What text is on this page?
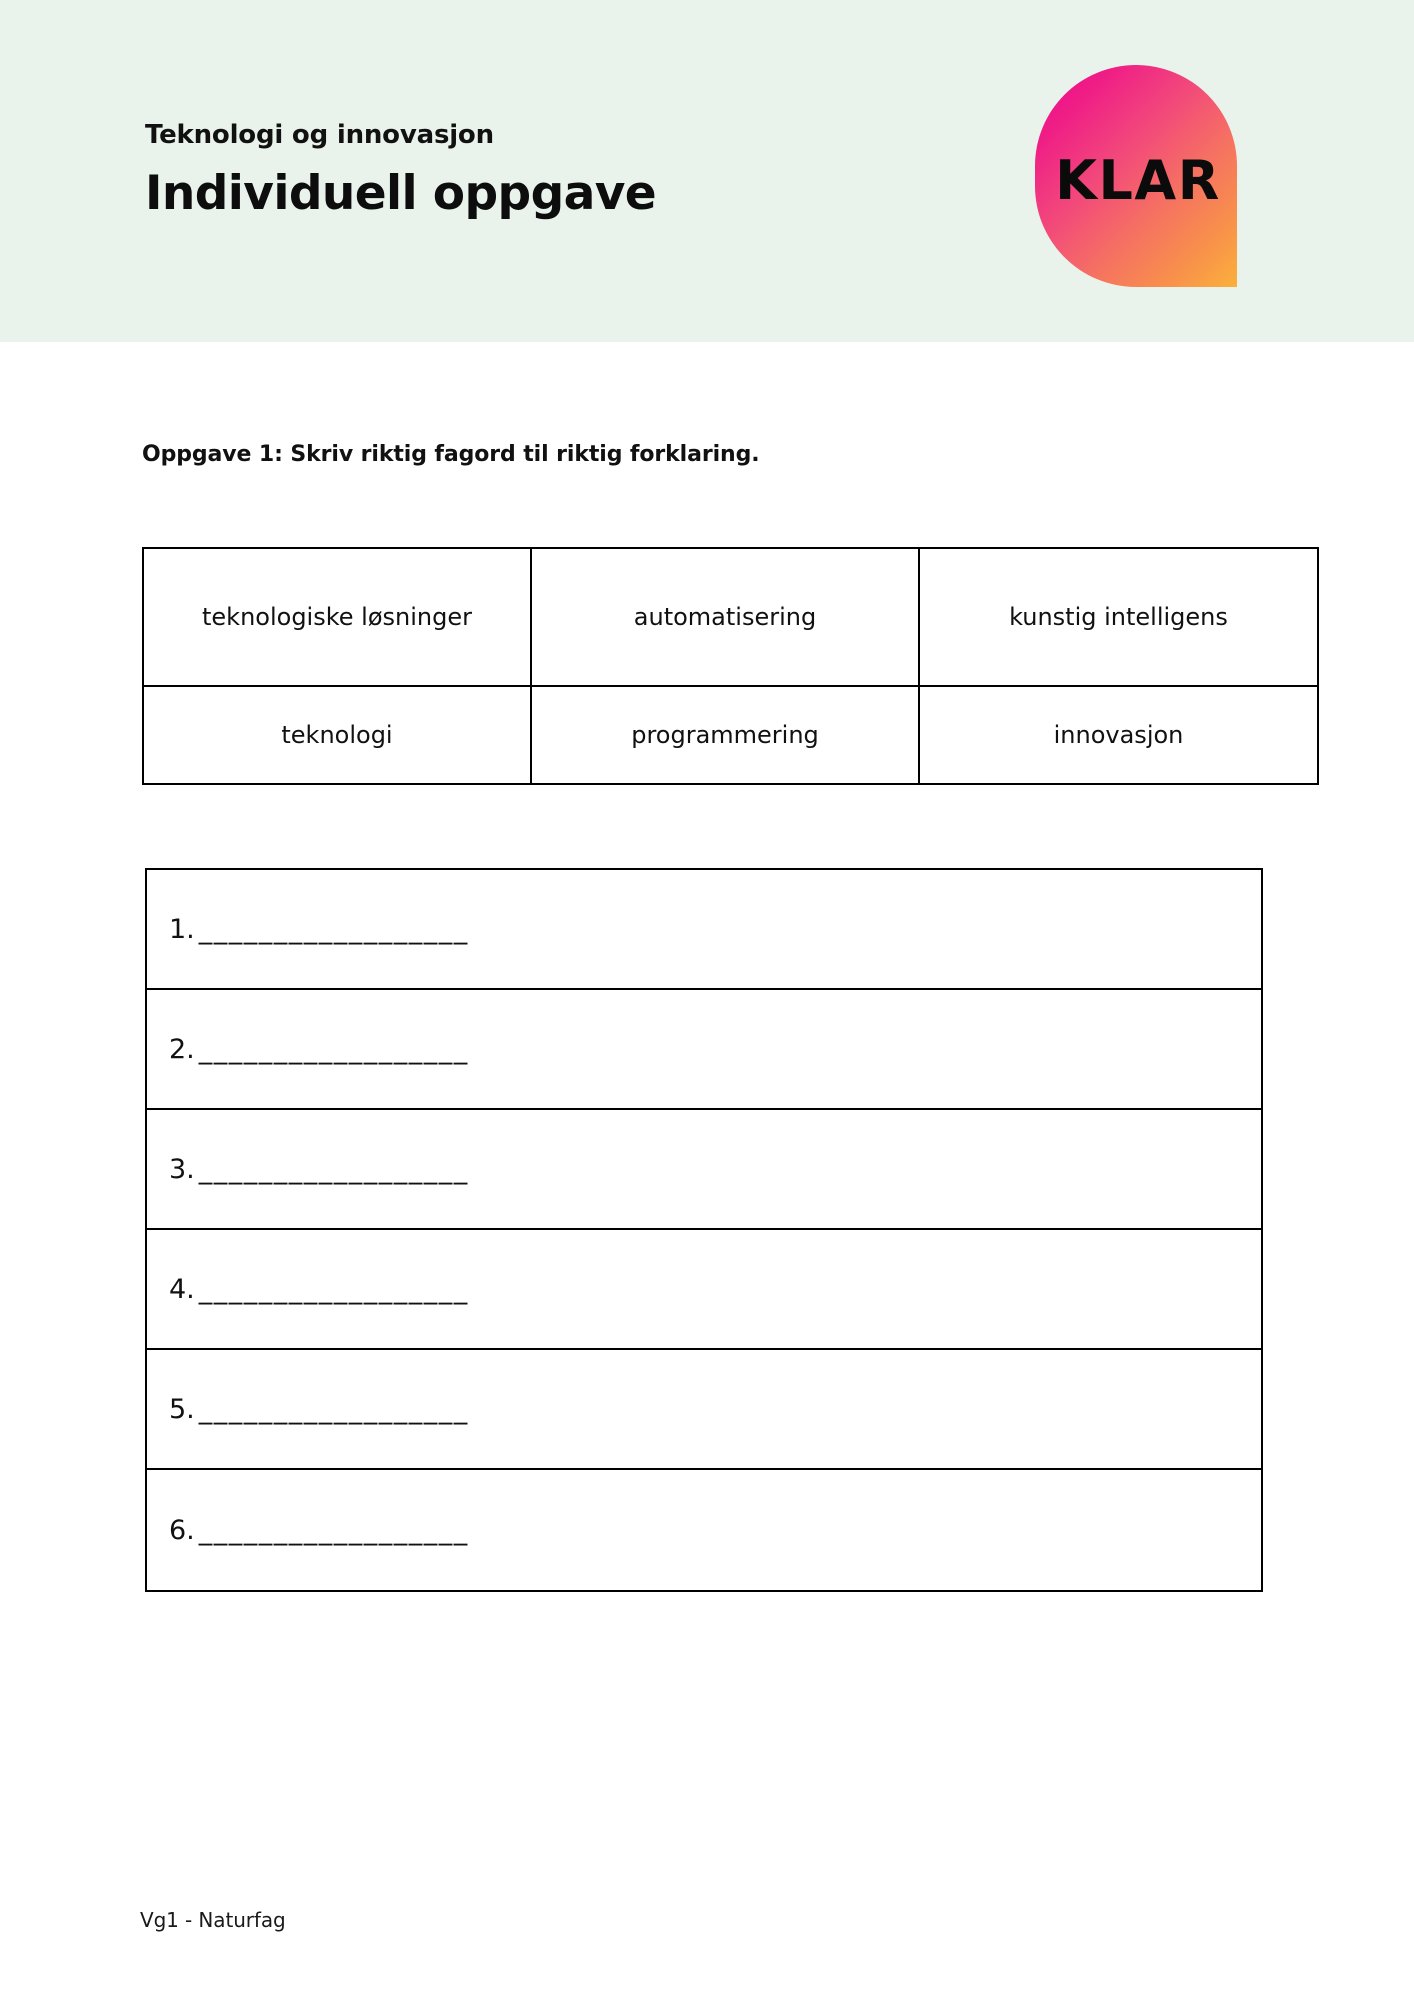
Teknologi og innovasjon
Individuell oppgave	KLAR
Oppgave 1: Skriv riktig fagord til riktig forklaring.
teknologiske løsninger	automatisering	kunstig intelligens
teknologi	programmering	innovasjon
1. __________________
2. __________________
3. __________________
4. __________________
5. __________________
6. __________________
Vg1 - Naturfag
